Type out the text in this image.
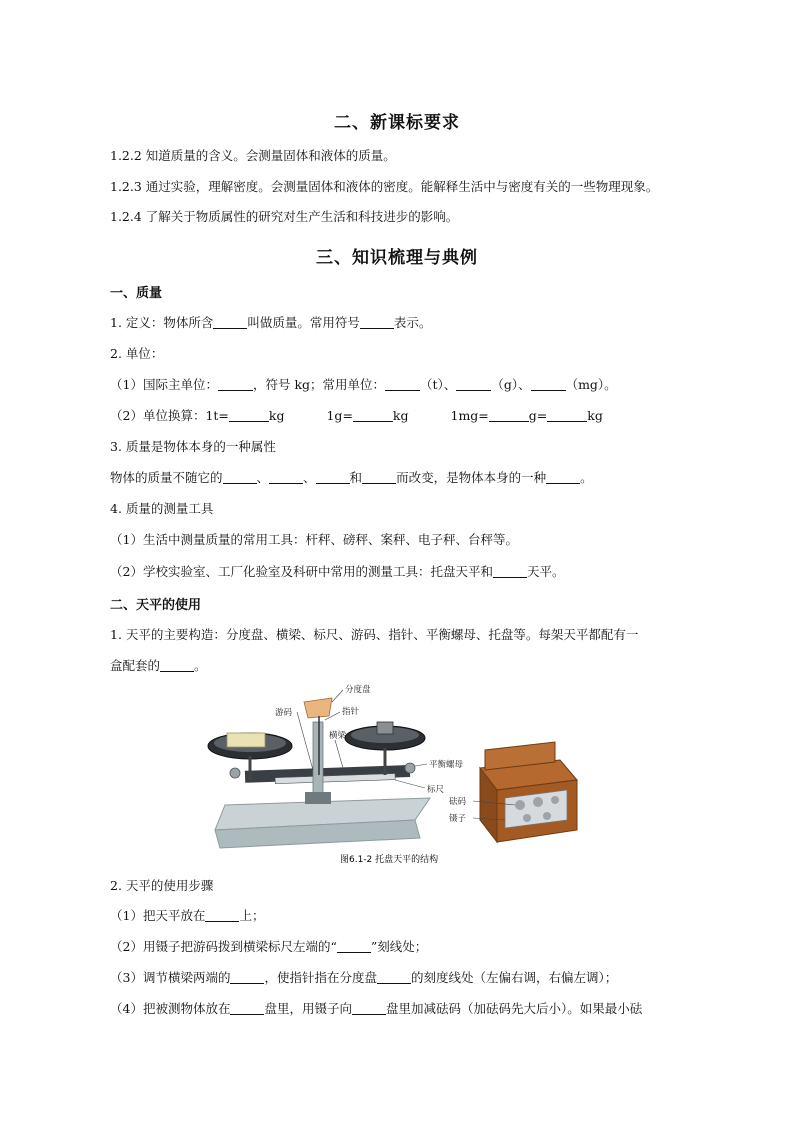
二、新课标要求
1.2.2 知道质量的含义。会测量固体和液体的质量。
1.2.3 通过实验，理解密度。会测量固体和液体的密度。能解释生活中与密度有关的一些物理现象。
1.2.4 了解关于物质属性的研究对生产生活和科技进步的影响。
三、知识梳理与典例
一、质量
1. 定义：物体所含	叫做质量。常用符号	表示。
2. 单位：
（1）国际主单位：	，符号 kg；常用单位：	（t）、	（g）、	（mg）。
（2）单位换算：1t=	kg	1g=	kg	1mg=	g=	kg
3. 质量是物体本身的一种属性
物体的质量不随它的	、	、	和	而改变，是物体本身的一种	。
4. 质量的测量工具
（1）生活中测量质量的常用工具：杆秤、磅秤、案秤、电子秤、台秤等。
（2）学校实验室、工厂化验室及科研中常用的测量工具：托盘天平和	天平。
二、天平的使用
1. 天平的主要构造：分度盘、横梁、标尺、游码、指针、平衡螺母、托盘等。每架天平都配有一
盒配套的	。
分度盘
游码	指针
横梁
平衡螺母
标尺
砝码
镊子
图6.1-2 托盘天平的结构
2. 天平的使用步骤
（1）把天平放在	上；
（2）用镊子把游码拨到横梁标尺左端的“	”刻线处；
（3）调节横梁两端的	，使指针指在分度盘	的刻度线处（左偏右调，右偏左调）；
（4）把被测物体放在	盘里，用镊子向	盘里加减砝码（加砝码先大后小）。如果最小砝
